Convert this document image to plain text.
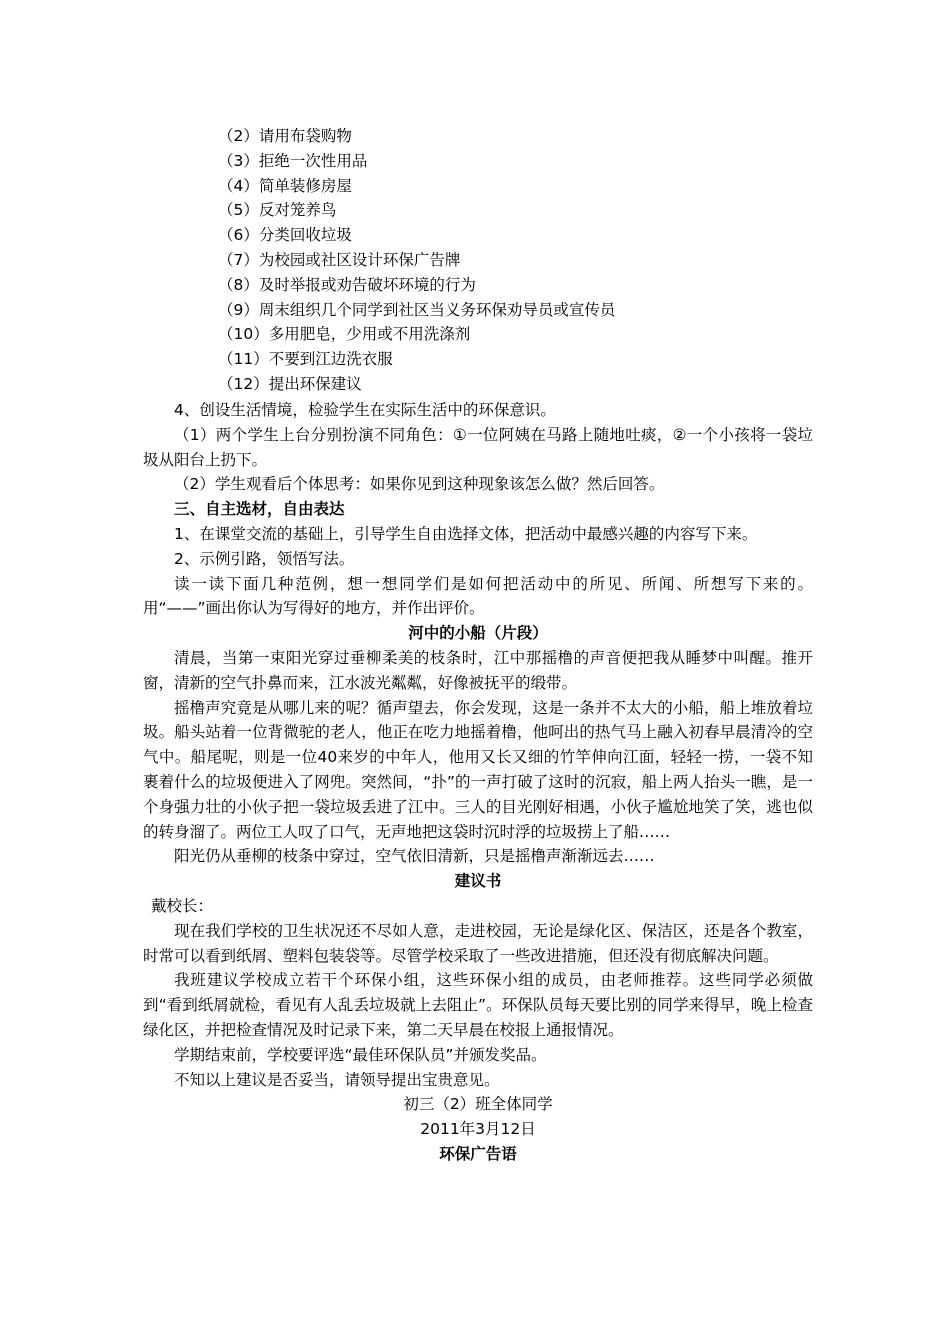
（2）请用布袋购物
（3）拒绝一次性用品
（4）简单装修房屋
（5）反对笼养鸟
（6）分类回收垃圾
（7）为校园或社区设计环保广告牌
（8）及时举报或劝告破坏环境的行为
（9）周末组织几个同学到社区当义务环保劝导员或宣传员
（10）多用肥皂，少用或不用洗涤剂
（11）不要到江边洗衣服
（12）提出环保建议

4、创设生活情境，检验学生在实际生活中的环保意识。

（1）两个学生上台分别扮演不同角色：①一位阿姨在马路上随地吐痰，②一个小孩将一袋垃圾从阳台上扔下。

（2）学生观看后个体思考：如果你见到这种现象该怎么做？然后回答。

三、自主选材，自由表达

1、在课堂交流的基础上，引导学生自由选择文体，把活动中最感兴趣的内容写下来。

2、示例引路，领悟写法。

读一读下面几种范例，想一想同学们是如何把活动中的所见、所闻、所想写下来的。用“——”画出你认为写得好的地方，并作出评价。

河中的小船（片段）

清晨，当第一束阳光穿过垂柳柔美的枝条时，江中那摇橹的声音便把我从睡梦中叫醒。推开窗，清新的空气扑鼻而来，江水波光粼粼，好像被抚平的缎带。

摇橹声究竟是从哪儿来的呢？循声望去，你会发现，这是一条并不太大的小船，船上堆放着垃圾。船头站着一位背微驼的老人，他正在吃力地摇着橹，他呵出的热气马上融入初春早晨清冷的空气中。船尾呢，则是一位40来岁的中年人，他用又长又细的竹竿伸向江面，轻轻一捞，一袋不知裹着什么的垃圾便进入了网兜。突然间，“扑”的一声打破了这时的沉寂，船上两人抬头一瞧，是一个身强力壮的小伙子把一袋垃圾丢进了江中。三人的目光刚好相遇，小伙子尴尬地笑了笑，逃也似的转身溜了。两位工人叹了口气，无声地把这袋时沉时浮的垃圾捞上了船……

阳光仍从垂柳的枝条中穿过，空气依旧清新，只是摇橹声渐渐远去……

建议书

戴校长：

现在我们学校的卫生状况还不尽如人意，走进校园，无论是绿化区、保洁区，还是各个教室，时常可以看到纸屑、塑料包装袋等。尽管学校采取了一些改进措施，但还没有彻底解决问题。

我班建议学校成立若干个环保小组，这些环保小组的成员，由老师推荐。这些同学必须做到“看到纸屑就检，看见有人乱丢垃圾就上去阻止”。环保队员每天要比别的同学来得早，晚上检查绿化区，并把检查情况及时记录下来，第二天早晨在校报上通报情况。

学期结束前，学校要评选“最佳环保队员”并颁发奖品。

不知以上建议是否妥当，请领导提出宝贵意见。

初三（2）班全体同学

2011年3月12日

环保广告语
